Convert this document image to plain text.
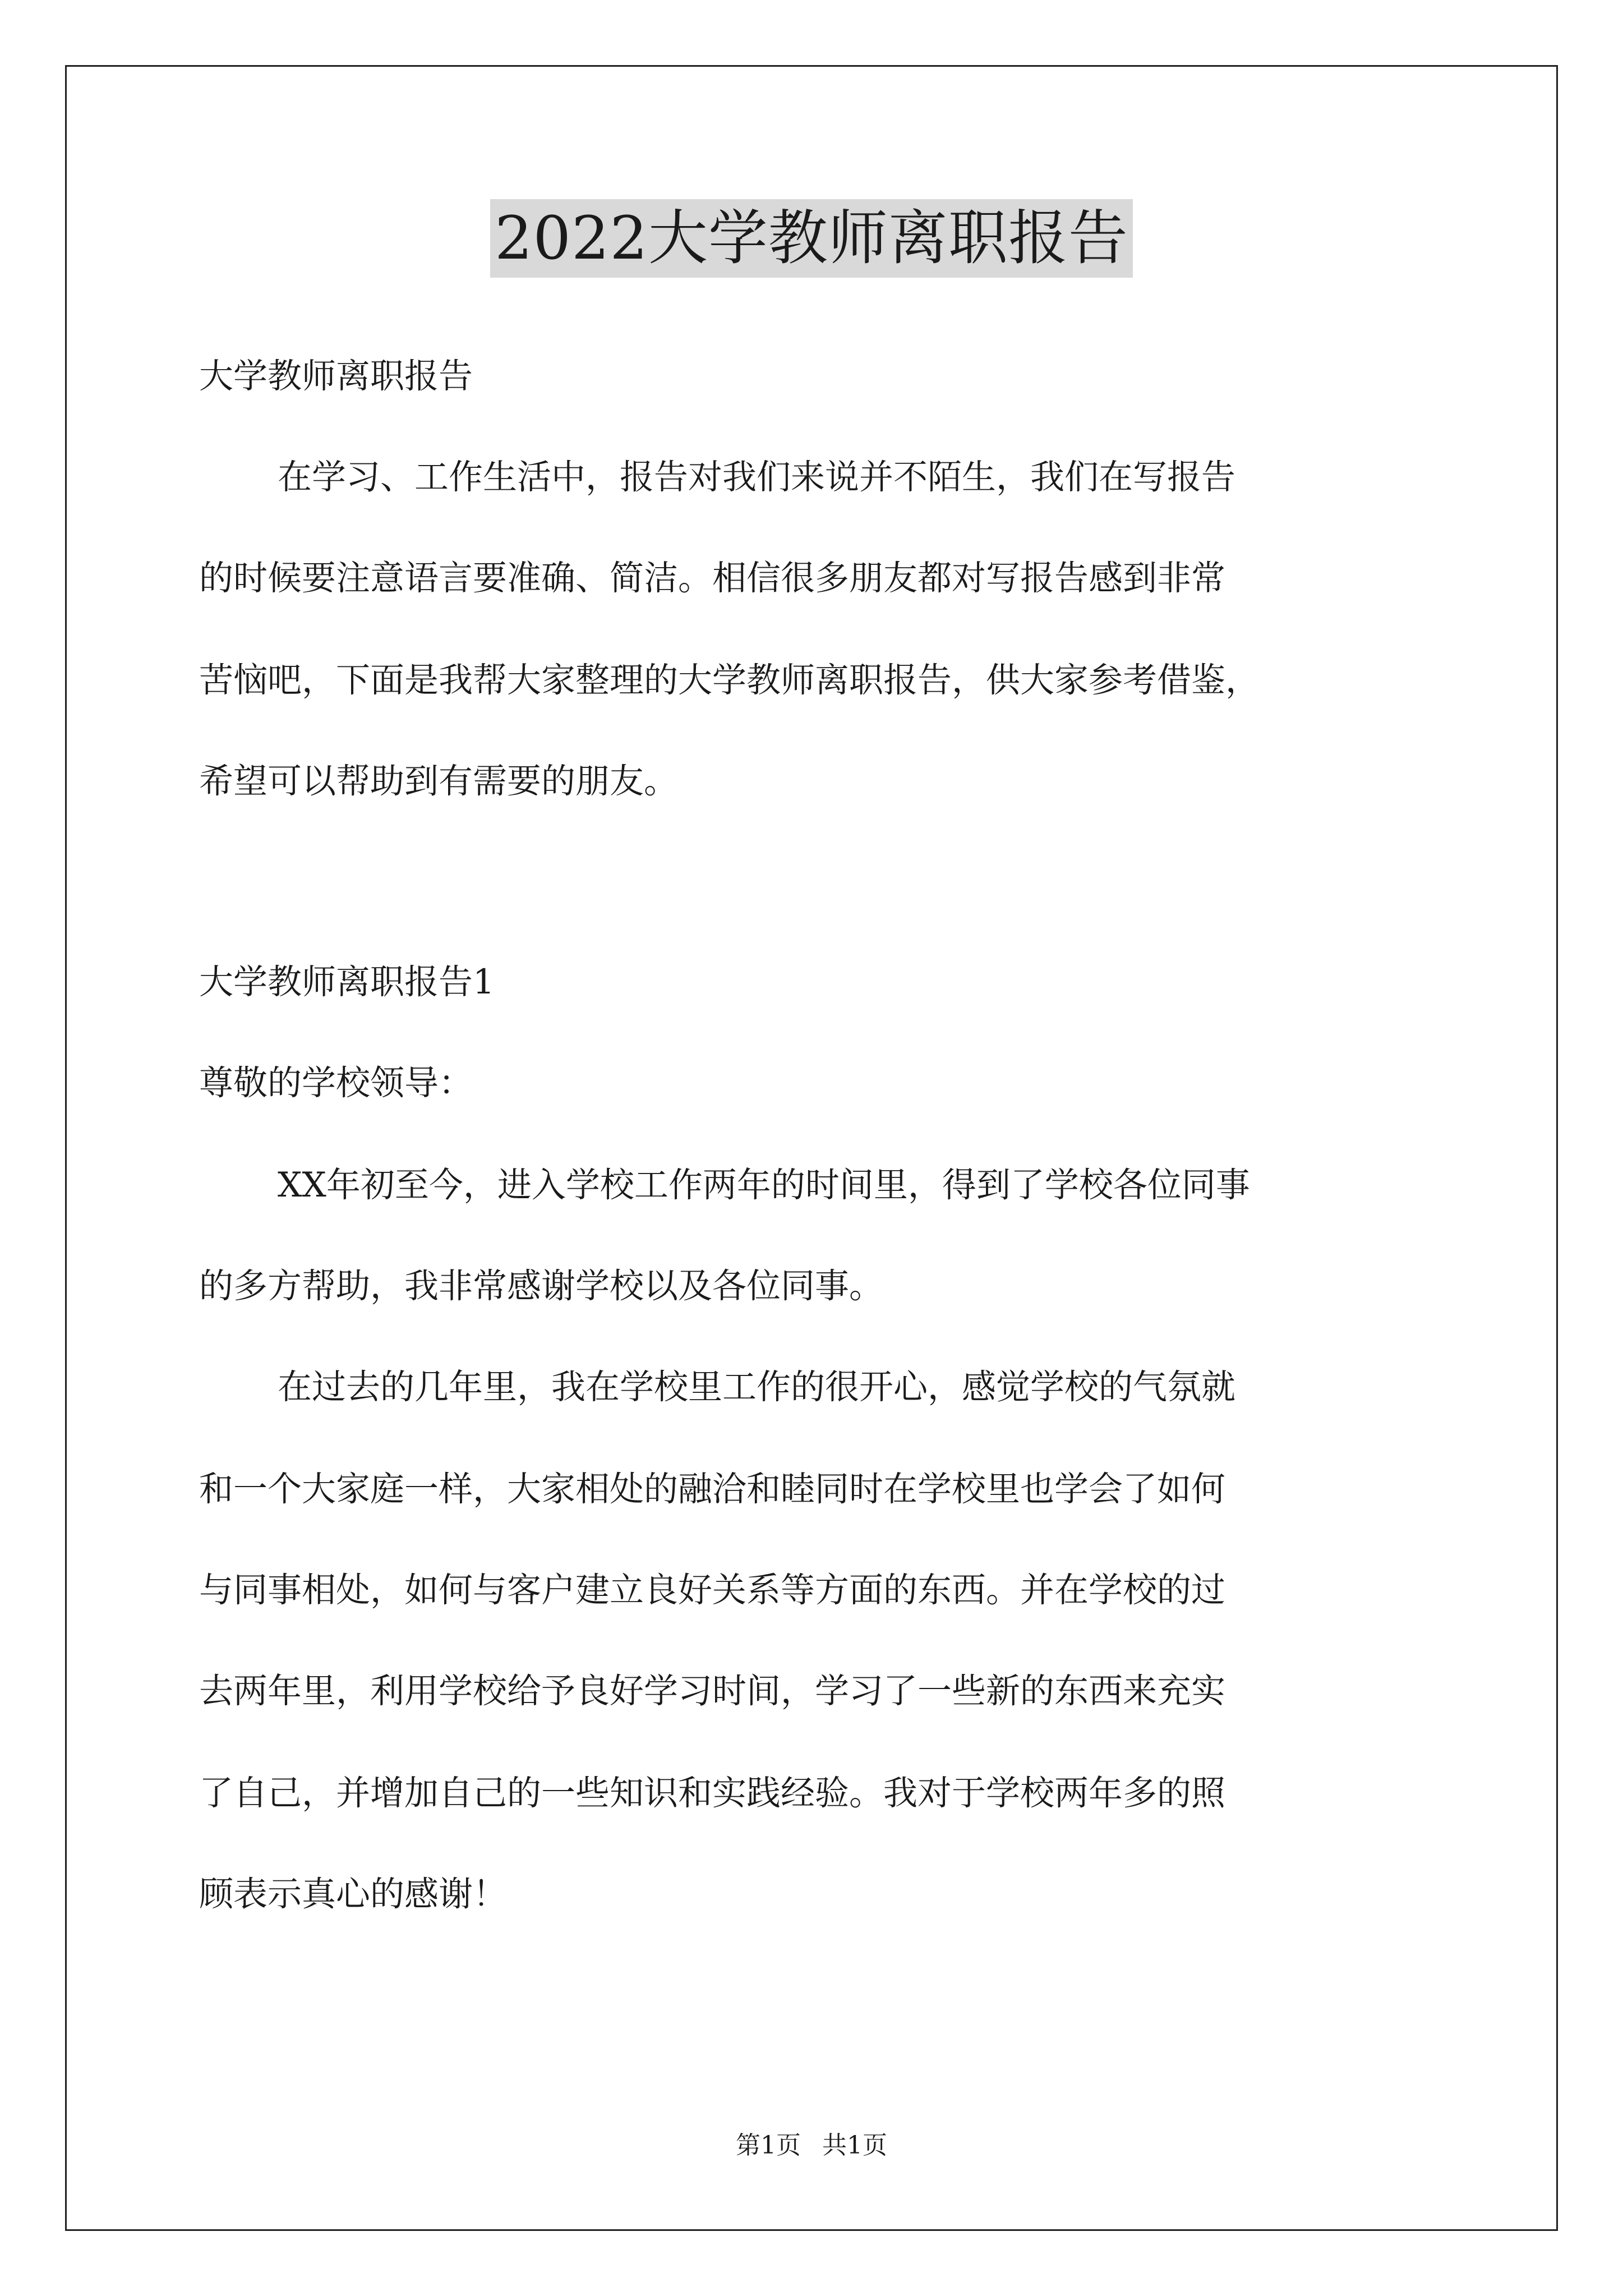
2022大学教师离职报告
大学教师离职报告
在学习、工作生活中，报告对我们来说并不陌生，我们在写报告
的时候要注意语言要准确、简洁。相信很多朋友都对写报告感到非常
苦恼吧，下面是我帮大家整理的大学教师离职报告，供大家参考借鉴，
希望可以帮助到有需要的朋友。
大学教师离职报告1
尊敬的学校领导：
XX年初至今，进入学校工作两年的时间里，得到了学校各位同事
的多方帮助，我非常感谢学校以及各位同事。
在过去的几年里，我在学校里工作的很开心，感觉学校的气氛就
和一个大家庭一样，大家相处的融洽和睦同时在学校里也学会了如何
与同事相处，如何与客户建立良好关系等方面的东西。并在学校的过
去两年里，利用学校给予良好学习时间，学习了一些新的东西来充实
了自己，并增加自己的一些知识和实践经验。我对于学校两年多的照
顾表示真心的感谢！
第1页 共1页
